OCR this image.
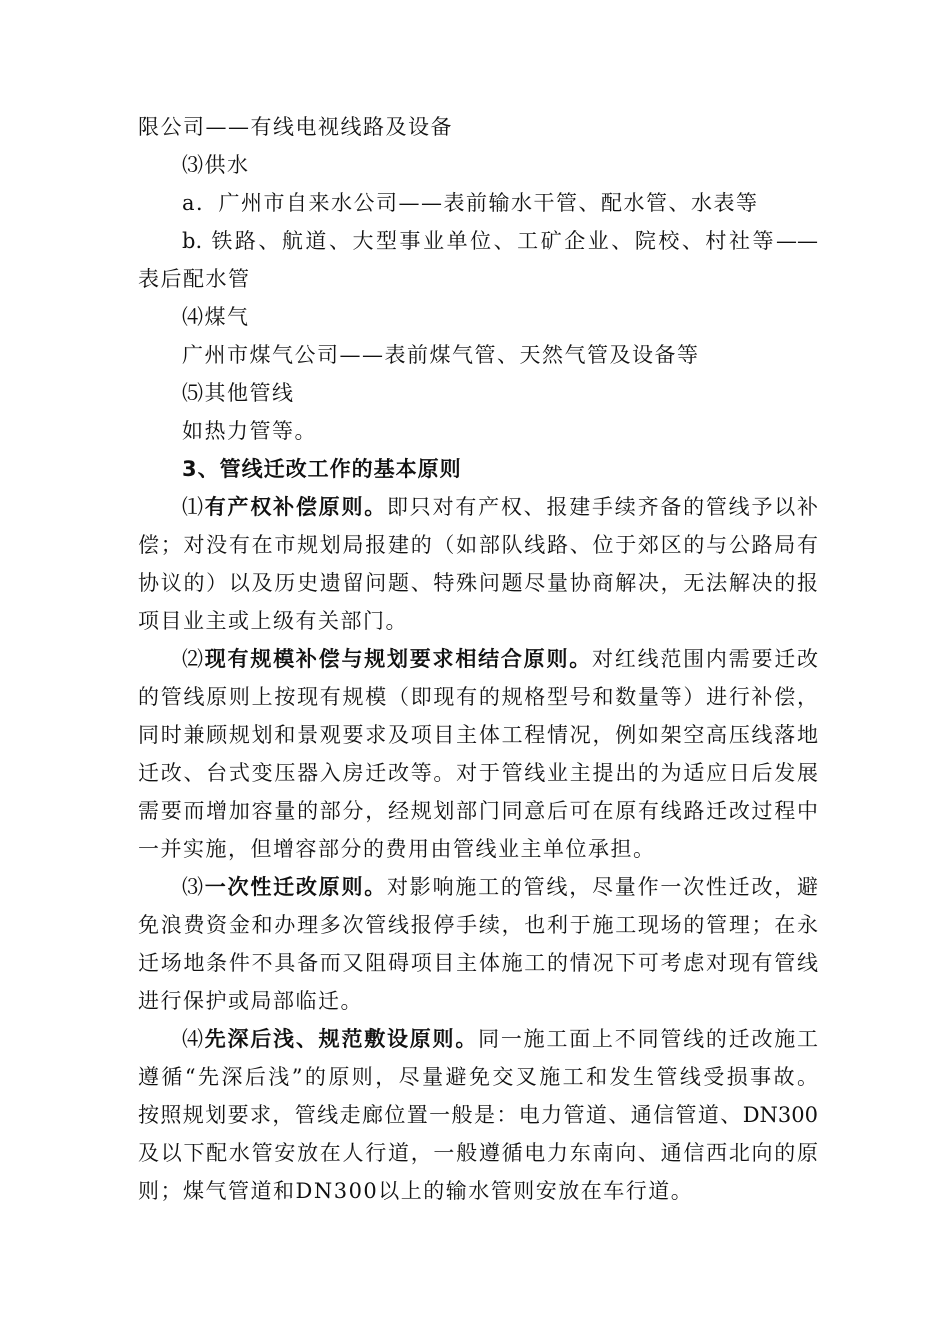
限公司——有线电视线路及设备
⑶供水
a．广州市自来水公司——表前输水干管、配水管、水表等
b. 铁路、航道、大型事业单位、工矿企业、院校、村社等——
表后配水管
⑷煤气
广州市煤气公司——表前煤气管、天然气管及设备等
⑸其他管线
如热力管等。
3、管线迁改工作的基本原则
⑴有产权补偿原则。即只对有产权、报建手续齐备的管线予以补
偿；对没有在市规划局报建的（如部队线路、位于郊区的与公路局有
协议的）以及历史遗留问题、特殊问题尽量协商解决，无法解决的报
项目业主或上级有关部门。
⑵现有规模补偿与规划要求相结合原则。对红线范围内需要迁改
的管线原则上按现有规模（即现有的规格型号和数量等）进行补偿，
同时兼顾规划和景观要求及项目主体工程情况，例如架空高压线落地
迁改、台式变压器入房迁改等。对于管线业主提出的为适应日后发展
需要而增加容量的部分，经规划部门同意后可在原有线路迁改过程中
一并实施，但增容部分的费用由管线业主单位承担。
⑶一次性迁改原则。对影响施工的管线，尽量作一次性迁改，避
免浪费资金和办理多次管线报停手续，也利于施工现场的管理；在永
迁场地条件不具备而又阻碍项目主体施工的情况下可考虑对现有管线
进行保护或局部临迁。
⑷先深后浅、规范敷设原则。同一施工面上不同管线的迁改施工
遵循“先深后浅”的原则，尽量避免交叉施工和发生管线受损事故。
按照规划要求，管线走廊位置一般是：电力管道、通信管道、DN300
及以下配水管安放在人行道，一般遵循电力东南向、通信西北向的原
则；煤气管道和DN300以上的输水管则安放在车行道。
